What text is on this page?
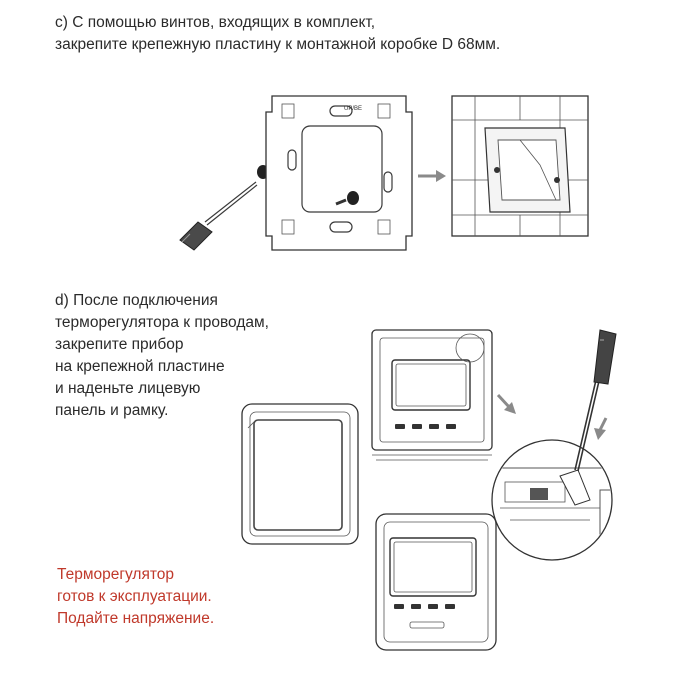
c) С помощью винтов, входящих в комплект,
закрепите крепежную пластину к монтажной коробке D 68мм.
d) После подключения
терморегулятора к проводам,
закрепите прибор
на крепежной пластине
и наденьте лицевую
панель и рамку.
Терморегулятор
готов к эксплуатации.
Подайте напряжение.
UP/BE
